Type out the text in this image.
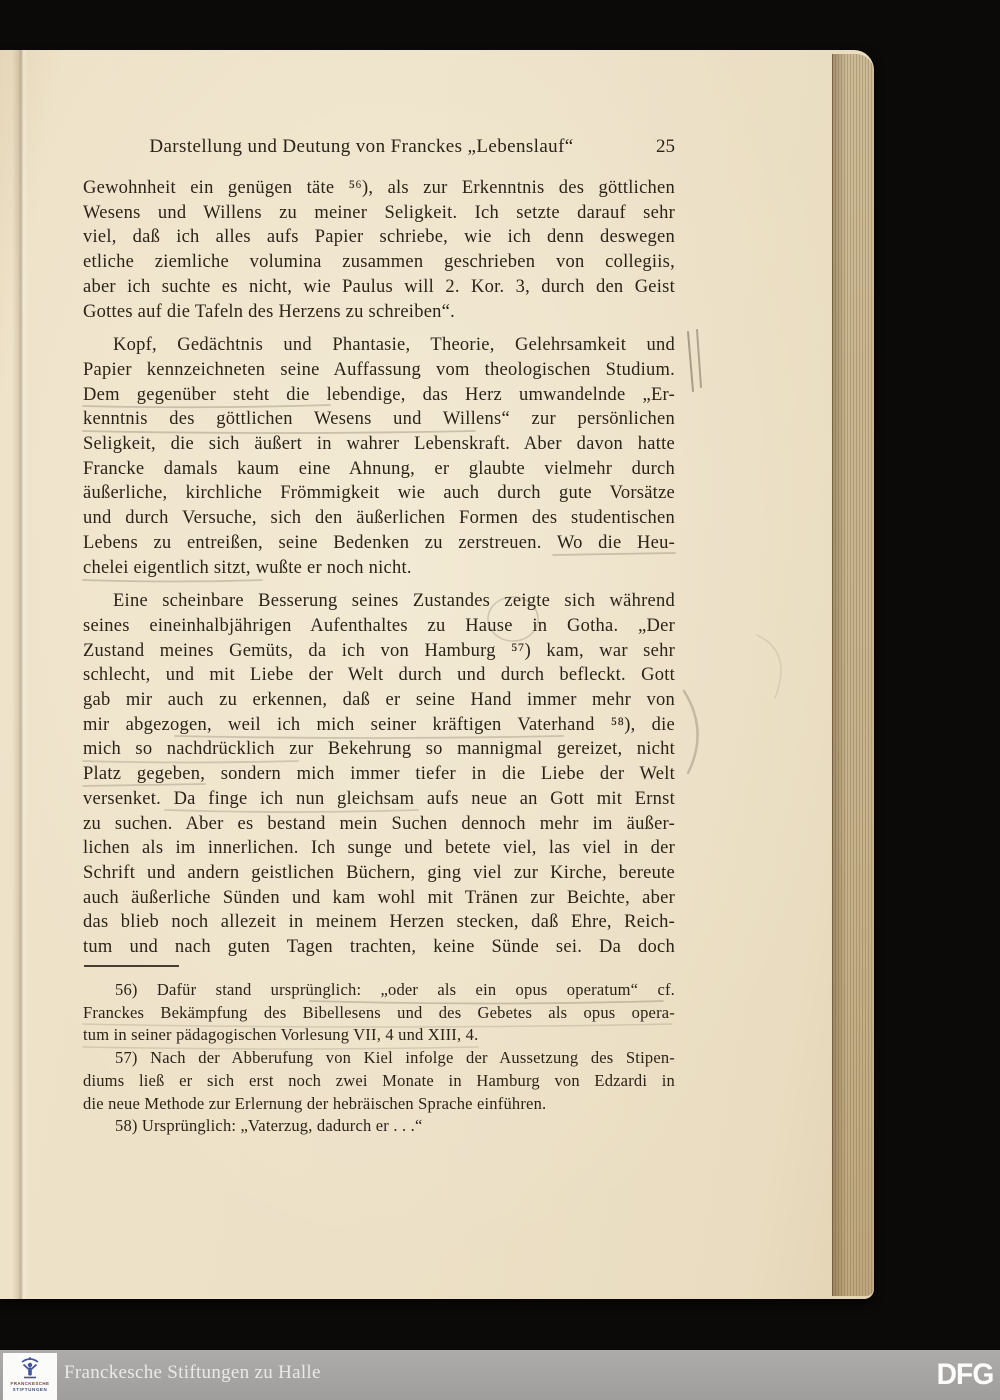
Darstellung und Deutung von Franckes „Lebenslauf“	25
Gewohnheit ein genügen täte ⁵⁶), als zur Erkenntnis des göttlichen
Wesens und Willens zu meiner Seligkeit. Ich setzte darauf sehr
viel, daß ich alles aufs Papier schriebe, wie ich denn deswegen
etliche ziemliche volumina zusammen geschrieben von collegiis,
aber ich suchte es nicht, wie Paulus will 2. Kor. 3, durch den Geist
Gottes auf die Tafeln des Herzens zu schreiben“.
Kopf, Gedächtnis und Phantasie, Theorie, Gelehrsamkeit und
Papier kennzeichneten seine Auffassung vom theologischen Studium.
Dem gegenüber steht die lebendige, das Herz umwandelnde „Er-
kenntnis des göttlichen Wesens und Willens“ zur persönlichen
Seligkeit, die sich äußert in wahrer Lebenskraft. Aber davon hatte
Francke damals kaum eine Ahnung, er glaubte vielmehr durch
äußerliche, kirchliche Frömmigkeit wie auch durch gute Vorsätze
und durch Versuche, sich den äußerlichen Formen des studentischen
Lebens zu entreißen, seine Bedenken zu zerstreuen. Wo die Heu-
chelei eigentlich sitzt, wußte er noch nicht.
Eine scheinbare Besserung seines Zustandes zeigte sich während
seines eineinhalbjährigen Aufenthaltes zu Hause in Gotha. „Der
Zustand meines Gemüts, da ich von Hamburg ⁵⁷) kam, war sehr
schlecht, und mit Liebe der Welt durch und durch befleckt. Gott
gab mir auch zu erkennen, daß er seine Hand immer mehr von
mir abgezogen, weil ich mich seiner kräftigen Vaterhand ⁵⁸), die
mich so nachdrücklich zur Bekehrung so mannigmal gereizet, nicht
Platz gegeben, sondern mich immer tiefer in die Liebe der Welt
versenket. Da finge ich nun gleichsam aufs neue an Gott mit Ernst
zu suchen. Aber es bestand mein Suchen dennoch mehr im äußer-
lichen als im innerlichen. Ich sunge und betete viel, las viel in der
Schrift und andern geistlichen Büchern, ging viel zur Kirche, bereute
auch äußerliche Sünden und kam wohl mit Tränen zur Beichte, aber
das blieb noch allezeit in meinem Herzen stecken, daß Ehre, Reich-
tum und nach guten Tagen trachten, keine Sünde sei. Da doch
56) Dafür stand ursprünglich: „oder als ein opus operatum“ cf.
Franckes Bekämpfung des Bibellesens und des Gebetes als opus opera-
tum in seiner pädagogischen Vorlesung VII, 4 und XIII, 4.
57) Nach der Abberufung von Kiel infolge der Aussetzung des Stipen-
diums ließ er sich erst noch zwei Monate in Hamburg von Edzardi in
die neue Methode zur Erlernung der hebräischen Sprache einführen.
58) Ursprünglich: „Vaterzug, dadurch er . . .“
FRANCKESCHE
STIFTUNGEN
Franckesche Stiftungen zu Halle	DFG
